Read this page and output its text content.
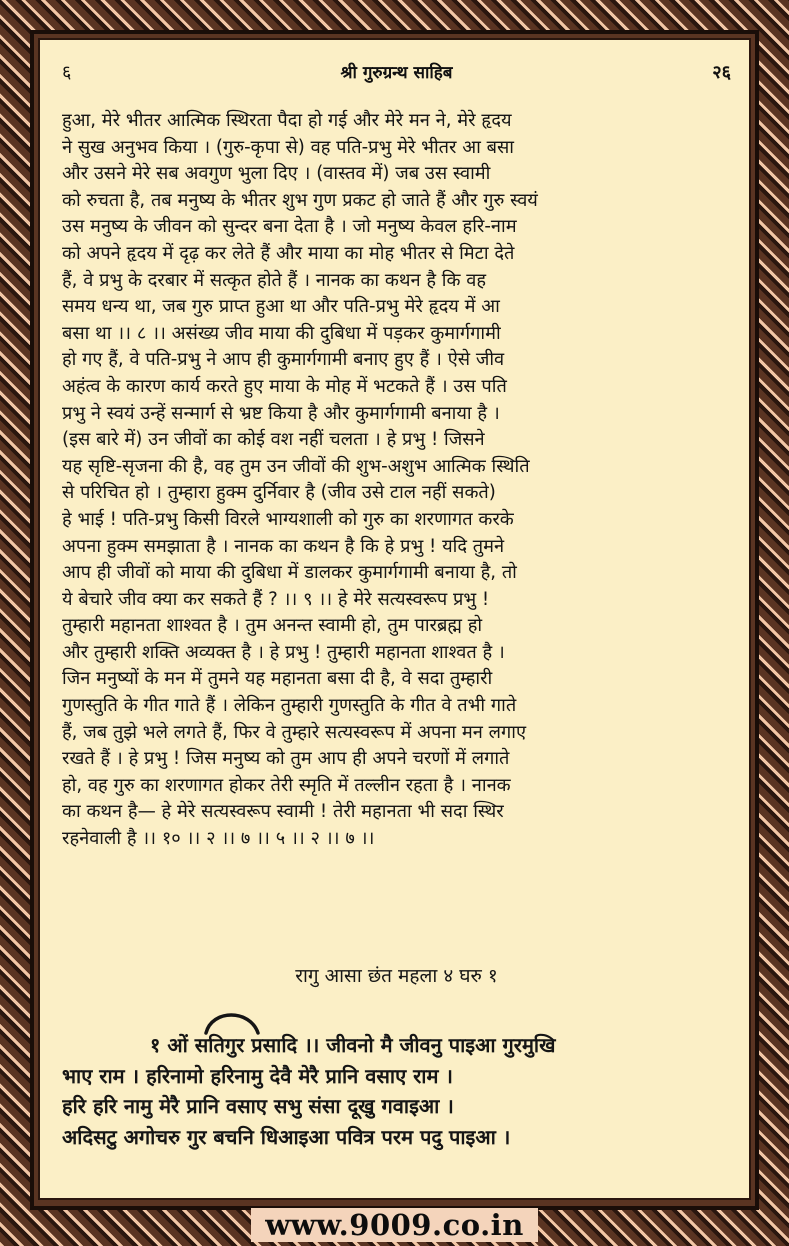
६	श्री गुरुग्रन्थ साहिब	२६
हुआ, मेरे भीतर आत्मिक स्थिरता पैदा हो गई और मेरे मन ने, मेरे हृदय
ने सुख अनुभव किया । (गुरु-कृपा से) वह पति-प्रभु मेरे भीतर आ बसा
और उसने मेरे सब अवगुण भुला दिए । (वास्तव में) जब उस स्वामी
को रुचता है, तब मनुष्य के भीतर शुभ गुण प्रकट हो जाते हैं और गुरु स्वयं
उस मनुष्य के जीवन को सुन्दर बना देता है । जो मनुष्य केवल हरि-नाम
को अपने हृदय में दृढ़ कर लेते हैं और माया का मोह भीतर से मिटा देते
हैं, वे प्रभु के दरबार में सत्कृत होते हैं । नानक का कथन है कि वह
समय धन्य था, जब गुरु प्राप्त हुआ था और पति-प्रभु मेरे हृदय में आ
बसा था ।। ८ ।। असंख्य जीव माया की दुबिधा में पड़कर कुमार्गगामी
हो गए हैं, वे पति-प्रभु ने आप ही कुमार्गगामी बनाए हुए हैं । ऐसे जीव
अहंत्व के कारण कार्य करते हुए माया के मोह में भटकते हैं । उस पति
प्रभु ने स्वयं उन्हें सन्मार्ग से भ्रष्ट किया है और कुमार्गगामी बनाया है ।
(इस बारे में) उन जीवों का कोई वश नहीं चलता । हे प्रभु ! जिसने
यह सृष्टि-सृजना की है, वह तुम उन जीवों की शुभ-अशुभ आत्मिक स्थिति
से परिचित हो । तुम्हारा हुक्म दुर्निवार है (जीव उसे टाल नहीं सकते)
हे भाई ! पति-प्रभु किसी विरले भाग्यशाली को गुरु का शरणागत करके
अपना हुक्म समझाता है । नानक का कथन है कि हे प्रभु ! यदि तुमने
आप ही जीवों को माया की दुबिधा में डालकर कुमार्गगामी बनाया है, तो
ये बेचारे जीव क्या कर सकते हैं ? ।। ९ ।। हे मेरे सत्यस्वरूप प्रभु !
तुम्हारी महानता शाश्वत है । तुम अनन्त स्वामी हो, तुम पारब्रह्म हो
और तुम्हारी शक्ति अव्यक्त है । हे प्रभु ! तुम्हारी महानता शाश्वत है ।
जिन मनुष्यों के मन में तुमने यह महानता बसा दी है, वे सदा तुम्हारी
गुणस्तुति के गीत गाते हैं । लेकिन तुम्हारी गुणस्तुति के गीत वे तभी गाते
हैं, जब तुझे भले लगते हैं, फिर वे तुम्हारे सत्यस्वरूप में अपना मन लगाए
रखते हैं । हे प्रभु ! जिस मनुष्य को तुम आप ही अपने चरणों में लगाते
हो, वह गुरु का शरणागत होकर तेरी स्मृति में तल्लीन रहता है । नानक
का कथन है— हे मेरे सत्यस्वरूप स्वामी ! तेरी महानता भी सदा स्थिर
रहनेवाली है ।। १० ।। २ ।। ७ ।। ५ ।। २ ।। ७ ।।
रागु आसा छंत महला ४ घरु १
१ ओं सतिगुर प्रसादि ।। जीवनो मै जीवनु पाइआ गुरमुखि
भाए राम । हरिनामो हरिनामु देवै मेरै प्रानि वसाए राम ।
हरि हरि नामु मेरै प्रानि वसाए सभु संसा दूखु गवाइआ ।
अदिसटु अगोचरु गुर बचनि धिआइआ पवित्र परम पदु पाइआ ।
www.9009.co.in
